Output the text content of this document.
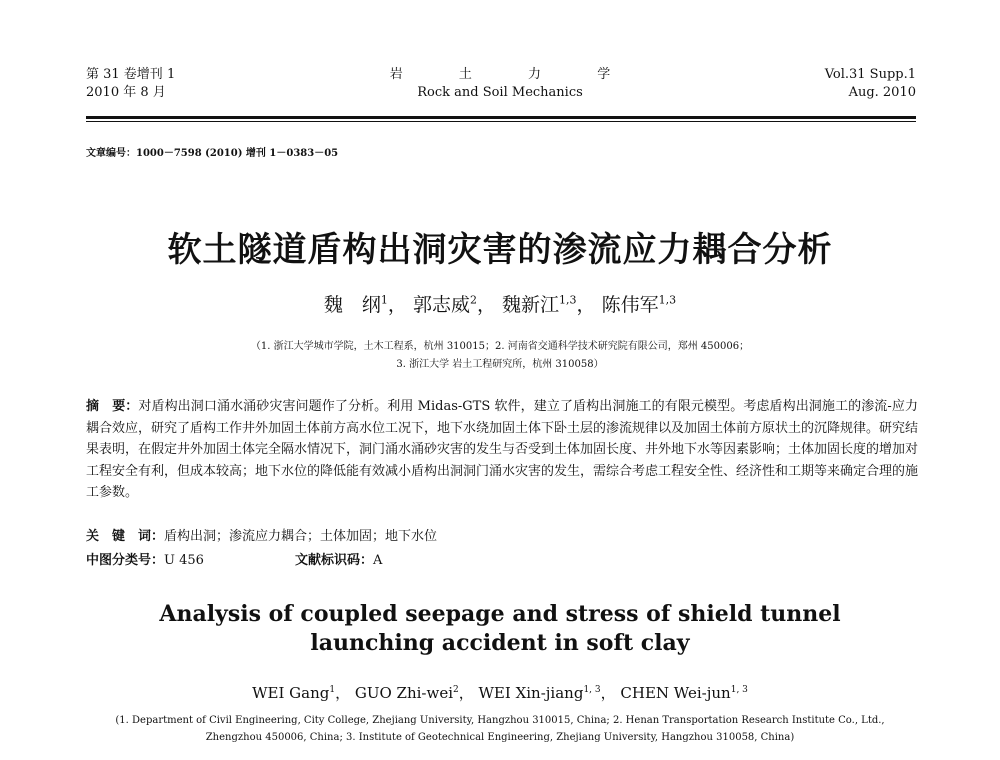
第 31 卷增刊 1
2010 年 8 月
岩 土 力 学
Rock and Soil Mechanics
Vol.31 Supp.1
Aug. 2010
文章编号：1000－7598 (2010) 增刊 1－0383－05
软土隧道盾构出洞灾害的渗流应力耦合分析
魏　纲$^1$， 郭志威$^2$， 魏新江$^{1,3}$， 陈伟军$^{1,3}$
（1. 浙江大学城市学院，土木工程系，杭州 310015；2. 河南省交通科学技术研究院有限公司，郑州 450006；
3. 浙江大学 岩土工程研究所，杭州 310058）
摘　要：对盾构出洞口涌水涌砂灾害问题作了分析。利用 Midas-GTS 软件，建立了盾构出洞施工的有限元模型。考虑盾构出洞施工的渗流-应力耦合效应，研究了盾构工作井外加固土体前方高水位工况下，地下水绕加固土体下卧土层的渗流规律以及加固土体前方原状土的沉降规律。研究结果表明，在假定井外加固土体完全隔水情况下，洞门涌水涌砂灾害的发生与否受到土体加固长度、井外地下水等因素影响；土体加固长度的增加对工程安全有利，但成本较高；地下水位的降低能有效减小盾构出洞洞门涌水灾害的发生，需综合考虑工程安全性、经济性和工期等来确定合理的施工参数。
关　键　词：盾构出洞；渗流应力耦合；土体加固；地下水位
中图分类号：U 456	文献标识码：A
Analysis of coupled seepage and stress of shield tunnel
launching accident in soft clay
WEI Gang$^1$， GUO Zhi-wei$^2$， WEI Xin-jiang$^{1, 3}$， CHEN Wei-jun$^{1, 3}$
(1. Department of Civil Engineering, City College, Zhejiang University, Hangzhou 310015, China; 2. Henan Transportation Research Institute Co., Ltd.,
Zhengzhou 450006, China; 3. Institute of Geotechnical Engineering, Zhejiang University, Hangzhou 310058, China)
